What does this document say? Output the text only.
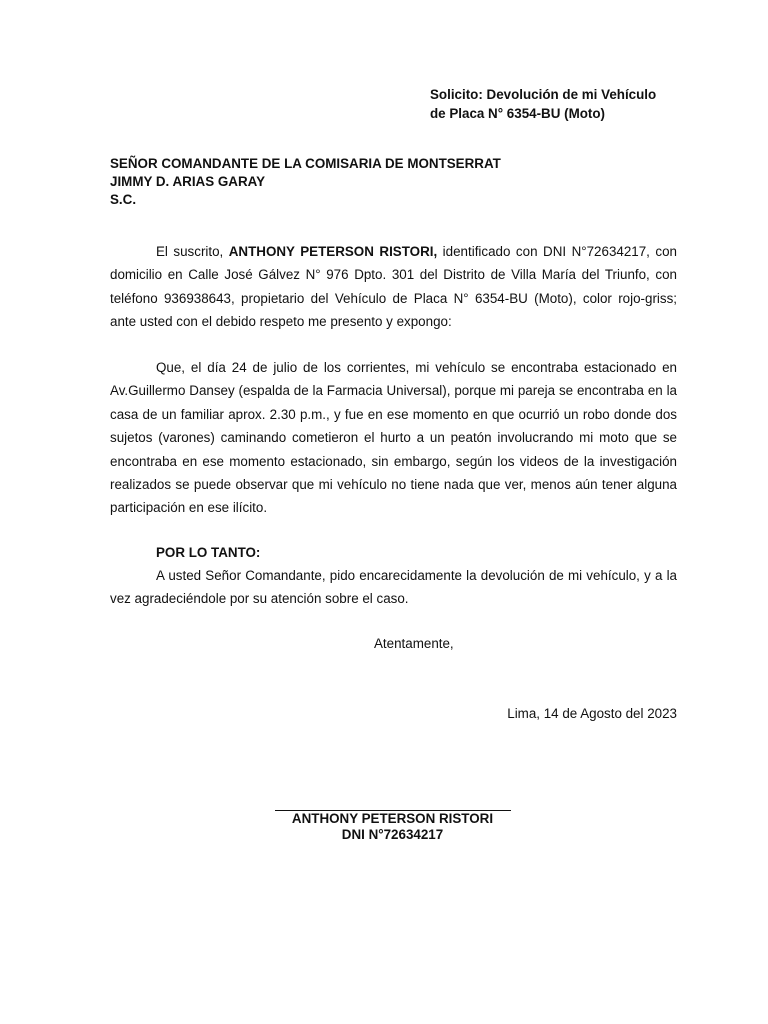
Solicito: Devolución de mi Vehículo
de Placa N° 6354-BU (Moto)
SEÑOR COMANDANTE DE LA COMISARIA DE MONTSERRAT
JIMMY D. ARIAS GARAY
S.C.

El suscrito, ANTHONY PETERSON RISTORI, identificado con DNI N°72634217, con domicilio en Calle José Gálvez N° 976 Dpto. 301 del Distrito de Villa María del Triunfo, con teléfono 936938643, propietario del Vehículo de Placa N° 6354-BU (Moto), color rojo-griss; ante usted con el debido respeto me presento y expongo:

Que, el día 24 de julio de los corrientes, mi vehículo se encontraba estacionado en Av.Guillermo Dansey (espalda de la Farmacia Universal), porque mi pareja se encontraba en la casa de un familiar aprox. 2.30 p.m., y fue en ese momento en que ocurrió un robo donde dos sujetos (varones) caminando cometieron el hurto a un peatón involucrando mi moto que se encontraba en ese momento estacionado, sin embargo, según los videos de la investigación realizados se puede observar que mi vehículo no tiene nada que ver, menos aún tener alguna participación en ese ilícito.

POR LO TANTO:

A usted Señor Comandante, pido encarecidamente la devolución de mi vehículo, y a la vez agradeciéndole por su atención sobre el caso.

Atentamente,

Lima, 14 de Agosto del 2023

ANTHONY PETERSON RISTORI

DNI N°72634217
